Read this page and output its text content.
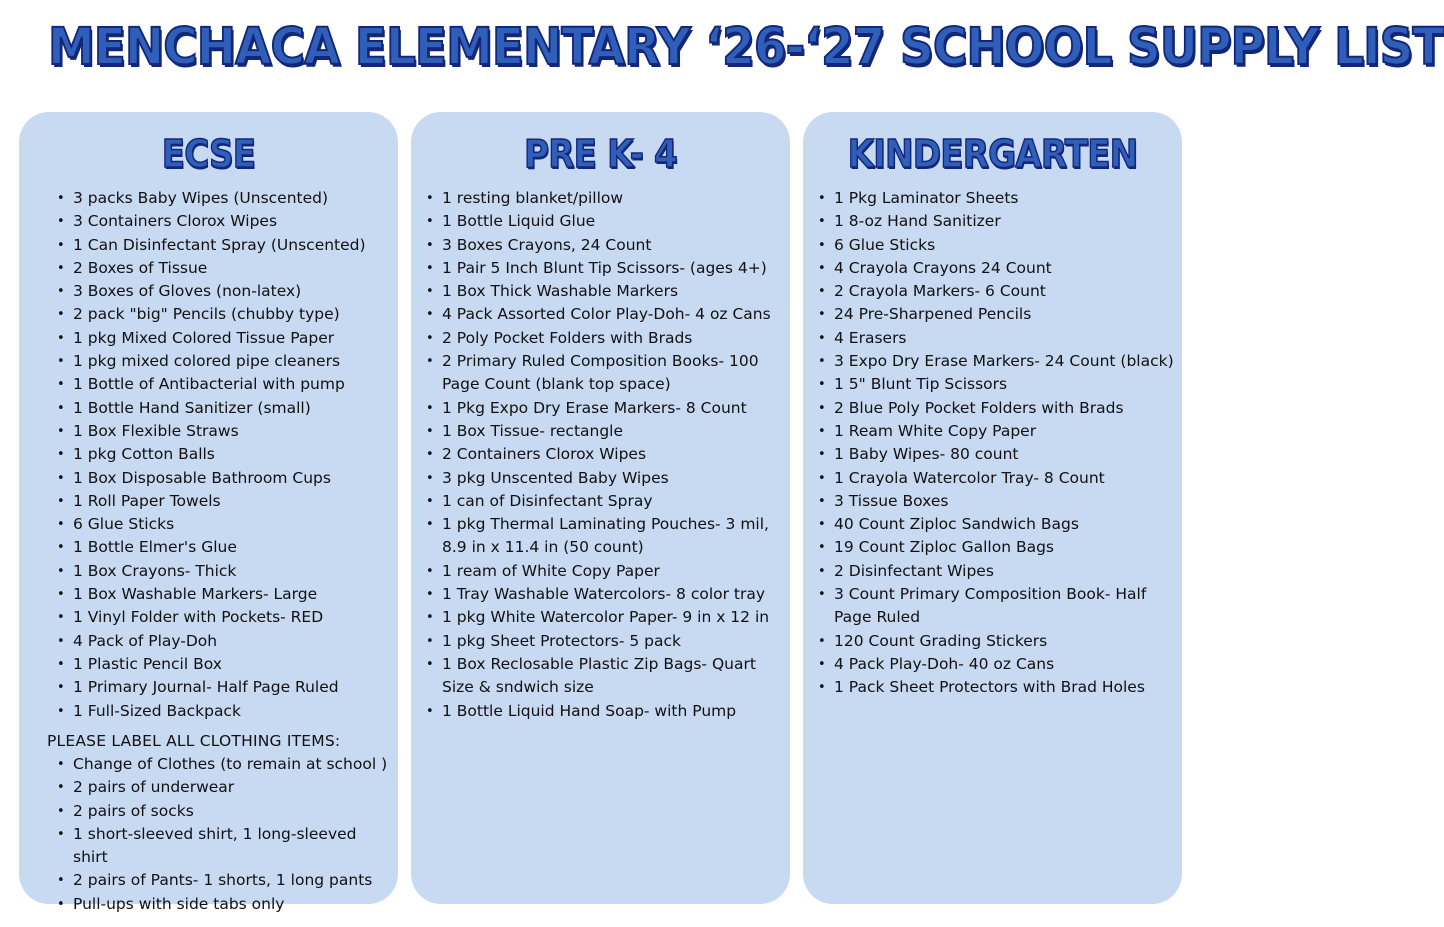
MENCHACA ELEMENTARY ‘26-‘27 SCHOOL SUPPLY LIST
ECSE
• 3 packs Baby Wipes (Unscented)
• 3 Containers Clorox Wipes
• 1 Can Disinfectant Spray (Unscented)
• 2 Boxes of Tissue
• 3 Boxes of Gloves (non-latex)
• 2 pack "big" Pencils (chubby type)
• 1 pkg Mixed Colored Tissue Paper
• 1 pkg mixed colored pipe cleaners
• 1 Bottle of Antibacterial with pump
• 1 Bottle Hand Sanitizer (small)
• 1 Box Flexible Straws
• 1 pkg Cotton Balls
• 1 Box Disposable Bathroom Cups
• 1 Roll Paper Towels
• 6 Glue Sticks
• 1 Bottle Elmer's Glue
• 1 Box Crayons- Thick
• 1 Box Washable Markers- Large
• 1 Vinyl Folder with Pockets- RED
• 4 Pack of Play-Doh
• 1 Plastic Pencil Box
• 1 Primary Journal- Half Page Ruled
• 1 Full-Sized Backpack
PLEASE LABEL ALL CLOTHING ITEMS:
• Change of Clothes (to remain at school )
• 2 pairs of underwear
• 2 pairs of socks
• 1 short-sleeved shirt, 1 long-sleeved shirt
• 2 pairs of Pants- 1 shorts, 1 long pants
• Pull-ups with side tabs only
PRE K- 4
• 1 resting blanket/pillow
• 1 Bottle Liquid Glue
• 3 Boxes Crayons, 24 Count
• 1 Pair 5 Inch Blunt Tip Scissors- (ages 4+)
• 1 Box Thick Washable Markers
• 4 Pack Assorted Color Play-Doh- 4 oz Cans
• 2 Poly Pocket Folders with Brads
• 2 Primary Ruled Composition Books- 100 Page Count (blank top space)
• 1 Pkg Expo Dry Erase Markers- 8 Count
• 1 Box Tissue- rectangle
• 2 Containers Clorox Wipes
• 3 pkg Unscented Baby Wipes
• 1 can of Disinfectant Spray
• 1 pkg Thermal Laminating Pouches- 3 mil, 8.9 in x 11.4 in (50 count)
• 1 ream of White Copy Paper
• 1 Tray Washable Watercolors- 8 color tray
• 1 pkg White Watercolor Paper- 9 in x 12 in
• 1 pkg Sheet Protectors- 5 pack
• 1 Box Reclosable Plastic Zip Bags- Quart Size & sndwich size
• 1 Bottle Liquid Hand Soap- with Pump
KINDERGARTEN
• 1 Pkg Laminator Sheets
• 1 8-oz Hand Sanitizer
• 6 Glue Sticks
• 4 Crayola Crayons 24 Count
• 2 Crayola Markers- 6 Count
• 24 Pre-Sharpened Pencils
• 4 Erasers
• 3 Expo Dry Erase Markers- 24 Count (black)
• 1 5" Blunt Tip Scissors
• 2 Blue Poly Pocket Folders with Brads
• 1 Ream White Copy Paper
• 1 Baby Wipes- 80 count
• 1 Crayola Watercolor Tray- 8 Count
• 3 Tissue Boxes
• 40 Count Ziploc Sandwich Bags
• 19 Count Ziploc Gallon Bags
• 2 Disinfectant Wipes
• 3 Count Primary Composition Book- Half Page Ruled
• 120 Count Grading Stickers
• 4 Pack Play-Doh- 40 oz Cans
• 1 Pack Sheet Protectors with Brad Holes
